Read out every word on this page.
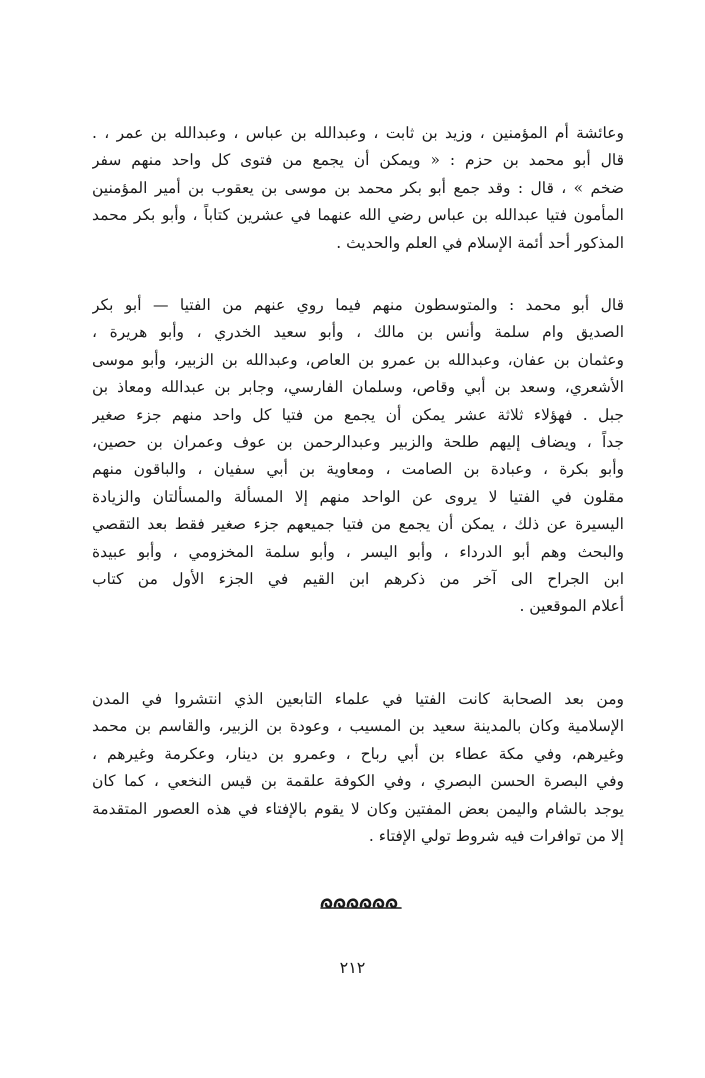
وعائشة أم المؤمنين ، وزيد بن ثابت ، وعبدالله بن عباس ، وعبدالله بن عمر ، .
قال أبو محمد بن حزم : « ويمكن أن يجمع من فتوى كل واحد منهم سفر
ضخم » ، قال : وقد جمع أبو بكر محمد بن موسى بن يعقوب بن أمير المؤمنين
المأمون فتيا عبدالله بن عباس رضي الله عنهما في عشرين كتاباً ، وأبو بكر محمد
المذكور أحد أئمة الإسلام في العلم والحديث .
قال أبو محمد : والمتوسطون منهم فيما روي عنهم من الفتيا — أبو بكر
الصديق وام سلمة وأنس بن مالك ، وأبو سعيد الخدري ، وأبو هريرة ،
وعثمان بن عفان، وعبدالله بن عمرو بن العاص، وعبدالله بن الزبير، وأبو موسى
الأشعري، وسعد بن أبي وقاص، وسلمان الفارسي، وجابر بن عبدالله ومعاذ بن
جبل . فهؤلاء ثلاثة عشر يمكن أن يجمع من فتيا كل واحد منهم جزء صغير
جداً ، ويضاف إليهم طلحة والزبير وعبدالرحمن بن عوف وعمران بن حصين،
وأبو بكرة ، وعبادة بن الصامت ، ومعاوية بن أبي سفيان ، والباقون منهم
مقلون في الفتيا لا يروى عن الواحد منهم إلا المسألة والمسألتان والزيادة
اليسيرة عن ذلك ، يمكن أن يجمع من فتيا جميعهم جزء صغير فقط بعد التقصي
والبحث وهم أبو الدرداء ، وأبو اليسر ، وأبو سلمة المخزومي ، وأبو عبيدة
ابن الجراح الى آخر من ذكرهم ابن القيم في الجزء الأول من كتاب
أعلام الموقعين .
ومن بعد الصحابة كانت الفتيا في علماء التابعين الذي انتشروا في المدن
الإسلامية وكان بالمدينة سعيد بن المسيب ، وعودة بن الزبير، والقاسم بن محمد
وغيرهم، وفي مكة عطاء بن أبي رباح ، وعمرو بن دينار، وعكرمة وغيرهم ،
وفي البصرة الحسن البصري ، وفي الكوفة علقمة بن قيس النخعي ، كما كان
يوجد بالشام واليمن بعض المفتين وكان لا يقوم بالإفتاء في هذه العصور المتقدمة
إلا من توافرات فيه شروط تولي الإفتاء .
٢١٢
